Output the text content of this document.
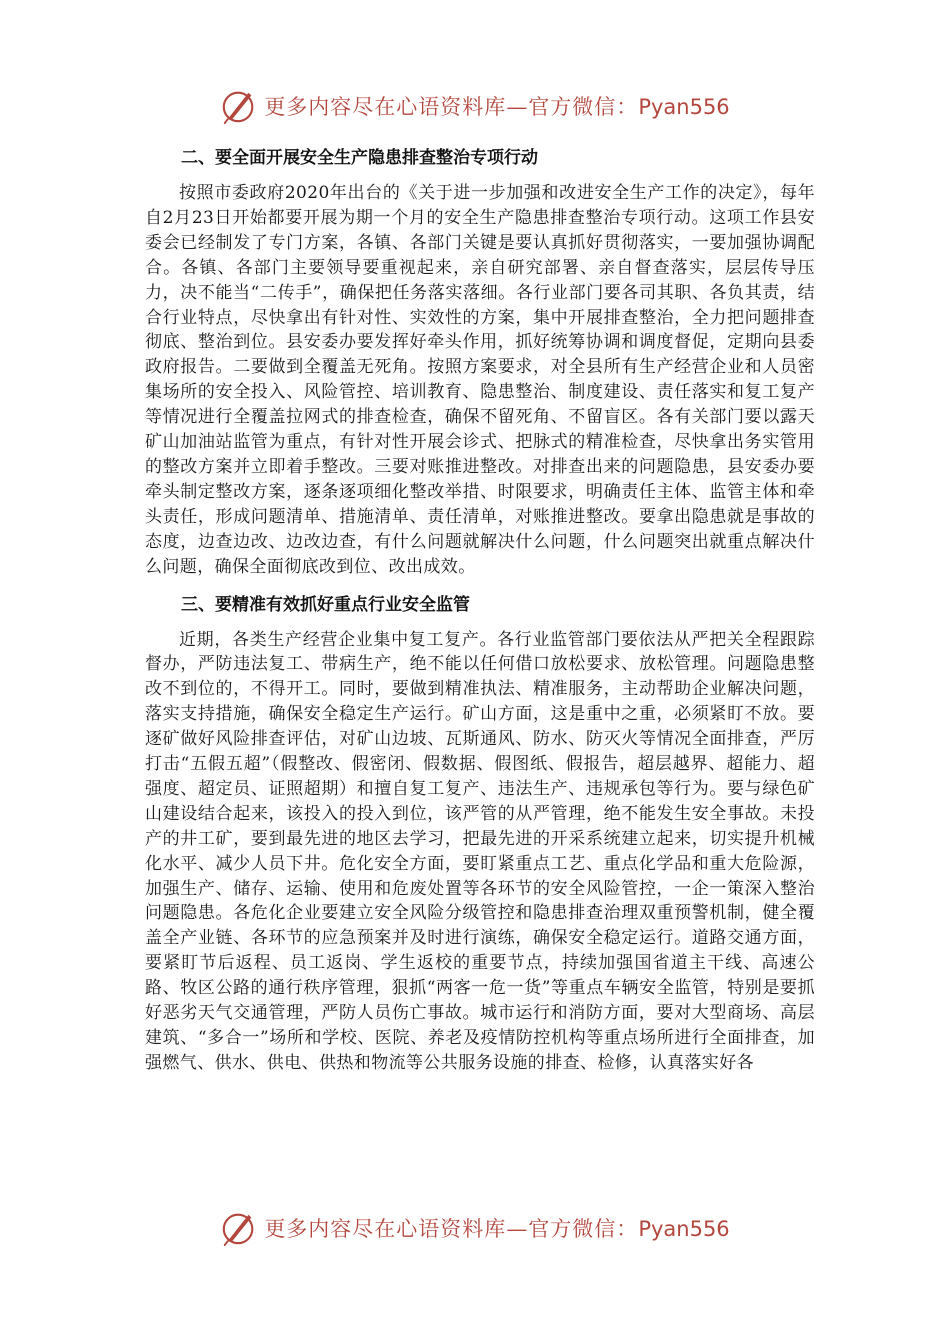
更多内容尽在心语资料库—官方微信：Pyan556
二、要全面开展安全生产隐患排查整治专项行动

按照市委政府2020年出台的《关于进一步加强和改进安全生产工作的决定》，每年自2月23日开始都要开展为期一个月的安全生产隐患排查整治专项行动。这项工作县安委会已经制发了专门方案，各镇、各部门关键是要认真抓好贯彻落实，一要加强协调配合。各镇、各部门主要领导要重视起来，亲自研究部署、亲自督查落实，层层传导压力，决不能当“二传手”，确保把任务落实落细。各行业部门要各司其职、各负其责，结合行业特点，尽快拿出有针对性、实效性的方案，集中开展排查整治，全力把问题排查彻底、整治到位。县安委办要发挥好牵头作用，抓好统筹协调和调度督促，定期向县委政府报告。二要做到全覆盖无死角。按照方案要求，对全县所有生产经营企业和人员密集场所的安全投入、风险管控、培训教育、隐患整治、制度建设、责任落实和复工复产等情况进行全覆盖拉网式的排查检查，确保不留死角、不留盲区。各有关部门要以露天矿山加油站监管为重点，有针对性开展会诊式、把脉式的精准检查，尽快拿出务实管用的整改方案并立即着手整改。三要对账推进整改。对排查出来的问题隐患，县安委办要牵头制定整改方案，逐条逐项细化整改举措、时限要求，明确责任主体、监管主体和牵头责任，形成问题清单、措施清单、责任清单，对账推进整改。要拿出隐患就是事故的态度，边查边改、边改边查，有什么问题就解决什么问题，什么问题突出就重点解决什么问题，确保全面彻底改到位、改出成效。

三、要精准有效抓好重点行业安全监管

近期，各类生产经营企业集中复工复产。各行业监管部门要依法从严把关全程跟踪督办，严防违法复工、带病生产，绝不能以任何借口放松要求、放松管理。问题隐患整改不到位的，不得开工。同时，要做到精准执法、精准服务，主动帮助企业解决问题，落实支持措施，确保安全稳定生产运行。矿山方面，这是重中之重，必须紧盯不放。要逐矿做好风险排查评估，对矿山边坡、瓦斯通风、防水、防灭火等情况全面排查，严厉打击“五假五超”（假整改、假密闭、假数据、假图纸、假报告，超层越界、超能力、超强度、超定员、证照超期）和擅自复工复产、违法生产、违规承包等行为。要与绿色矿山建设结合起来，该投入的投入到位，该严管的从严管理，绝不能发生安全事故。未投产的井工矿，要到最先进的地区去学习，把最先进的开采系统建立起来，切实提升机械化水平、减少人员下井。危化安全方面，要盯紧重点工艺、重点化学品和重大危险源，加强生产、储存、运输、使用和危废处置等各环节的安全风险管控，一企一策深入整治问题隐患。各危化企业要建立安全风险分级管控和隐患排查治理双重预警机制，健全覆盖全产业链、各环节的应急预案并及时进行演练，确保安全稳定运行。道路交通方面，要紧盯节后返程、员工返岗、学生返校的重要节点，持续加强国省道主干线、高速公路、牧区公路的通行秩序管理，狠抓“两客一危一货”等重点车辆安全监管，特别是要抓好恶劣天气交通管理，严防人员伤亡事故。城市运行和消防方面，要对大型商场、高层建筑、“多合一”场所和学校、医院、养老及疫情防控机构等重点场所进行全面排查，加强燃气、供水、供电、供热和物流等公共服务设施的排查、检修，认真落实好各

更多内容尽在心语资料库—官方微信：Pyan556
